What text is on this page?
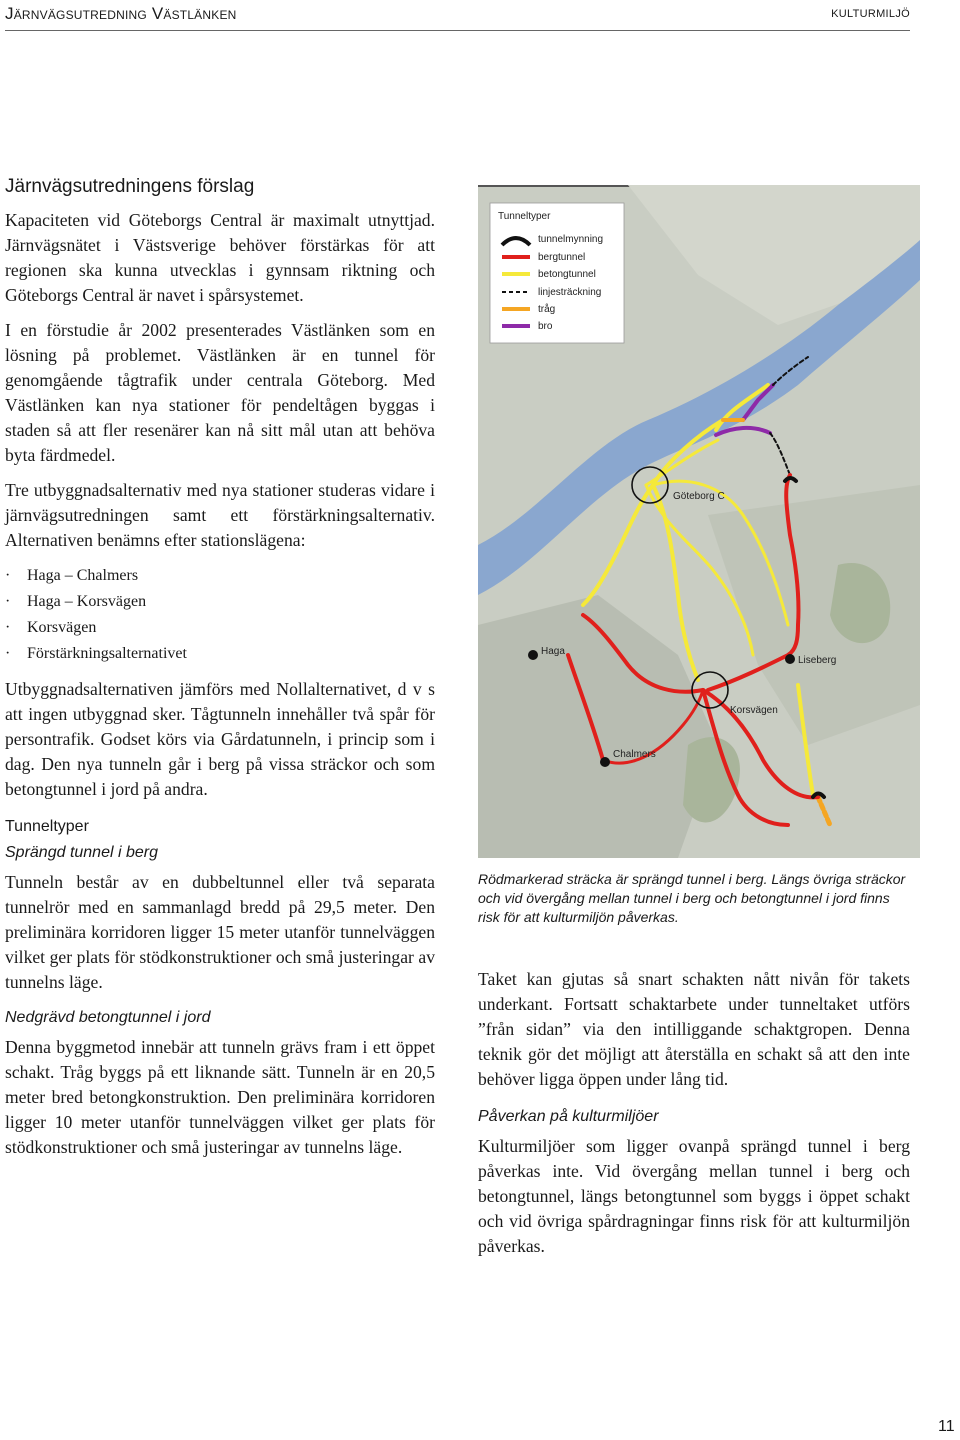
Järnvägsutredning Västlänken	kulturmiljö
Järnvägsutredningens förslag

Kapaciteten vid Göteborgs Central är maximalt utnyttjad. Järnvägsnätet i Västsverige behöver förstärkas för att regionen ska kunna utvecklas i gynnsam riktning och Göteborgs Central är navet i spårsystemet.

I en förstudie år 2002 presenterades Västlänken som en lösning på problemet. Västlänken är en tunnel för genomgående tågtrafik under centrala Göteborg. Med Västlänken kan nya stationer för pendeltågen byggas i staden så att fler resenärer kan nå sitt mål utan att behöva byta färdmedel.

Tre utbyggnadsalternativ med nya stationer studeras vidare i järnvägsutredningen samt ett förstärkningsalternativ. Alternativen benämns efter stationslägena:

· Haga – Chalmers
· Haga – Korsvägen
· Korsvägen
· Förstärkningsalternativet

Utbyggnadsalternativen jämförs med Nollalternativet, d v s att ingen utbyggnad sker. Tågtunneln innehåller två spår för persontrafik. Godset körs via Gårdatunneln, i princip som i dag. Den nya tunneln går i berg på vissa sträckor och som betongtunnel i jord på andra.

Tunneltyper
Sprängd tunnel i berg

Tunneln består av en dubbeltunnel eller två separata tunnelrör med en sammanlagd bredd på 29,5 meter. Den preliminära korridoren ligger 15 meter utanför tunnelväggen vilket ger plats för stödkonstruktioner och små justeringar av tunnelns läge.

Nedgrävd betongtunnel i jord

Denna byggmetod innebär att tunneln grävs fram i ett öppet schakt. Tråg byggs på ett liknande sätt. Tunneln är en 20,5 meter bred betongkonstruktion. Den preliminära korridoren ligger 10 meter utanför tunnelväggen vilket ger plats för stödkonstruktioner och små justeringar av tunnelns läge.

Tunneltyper
tunnelmynning
bergtunnel
betongtunnel
linjesträckning
tråg
bro
Göteborg C
Haga
Liseberg
Korsvägen
Chalmers

Rödmarkerad sträcka är sprängd tunnel i berg. Längs övriga sträckor och vid övergång mellan tunnel i berg och betongtunnel i jord finns risk för att kulturmiljön påverkas.

Taket kan gjutas så snart schakten nått nivån för takets underkant. Fortsatt schaktarbete under tunneltaket utförs ”från sidan” via den intilliggande schaktgropen. Denna teknik gör det möjligt att återställa en schakt så att den inte behöver ligga öppen under lång tid.

Påverkan på kulturmiljöer

Kulturmiljöer som ligger ovanpå sprängd tunnel i berg påverkas inte. Vid övergång mellan tunnel i berg och betongtunnel, längs betongtunnel som byggs i öppet schakt och vid övriga spårdragningar finns risk för att kulturmiljön påverkas.

11
